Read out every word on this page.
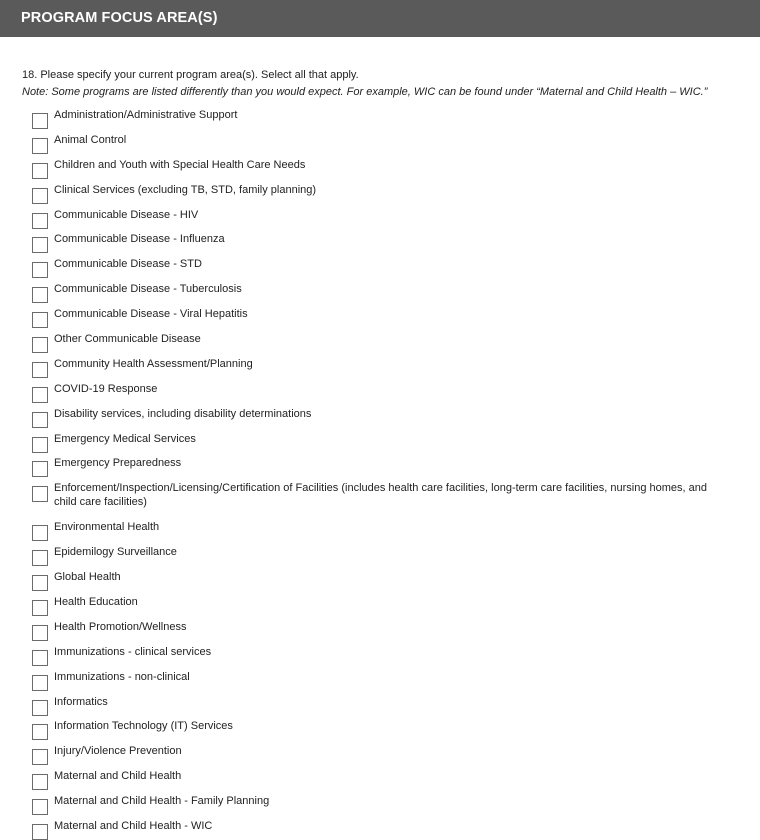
PROGRAM FOCUS AREA(S)
18. Please specify your current program area(s). Select all that apply.
Note: Some programs are listed differently than you would expect. For example, WIC can be found under “Maternal and Child Health – WIC.”
Administration/Administrative Support
Animal Control
Children and Youth with Special Health Care Needs
Clinical Services (excluding TB, STD, family planning)
Communicable Disease - HIV
Communicable Disease - Influenza
Communicable Disease - STD
Communicable Disease - Tuberculosis
Communicable Disease - Viral Hepatitis
Other Communicable Disease
Community Health Assessment/Planning
COVID-19 Response
Disability services, including disability determinations
Emergency Medical Services
Emergency Preparedness
Enforcement/Inspection/Licensing/Certification of Facilities (includes health care facilities, long-term care facilities, nursing homes, and child care facilities)
Environmental Health
Epidemilogy Surveillance
Global Health
Health Education
Health Promotion/Wellness
Immunizations - clinical services
Immunizations - non-clinical
Informatics
Information Technology (IT) Services
Injury/Violence Prevention
Maternal and Child Health
Maternal and Child Health - Family Planning
Maternal and Child Health - WIC
